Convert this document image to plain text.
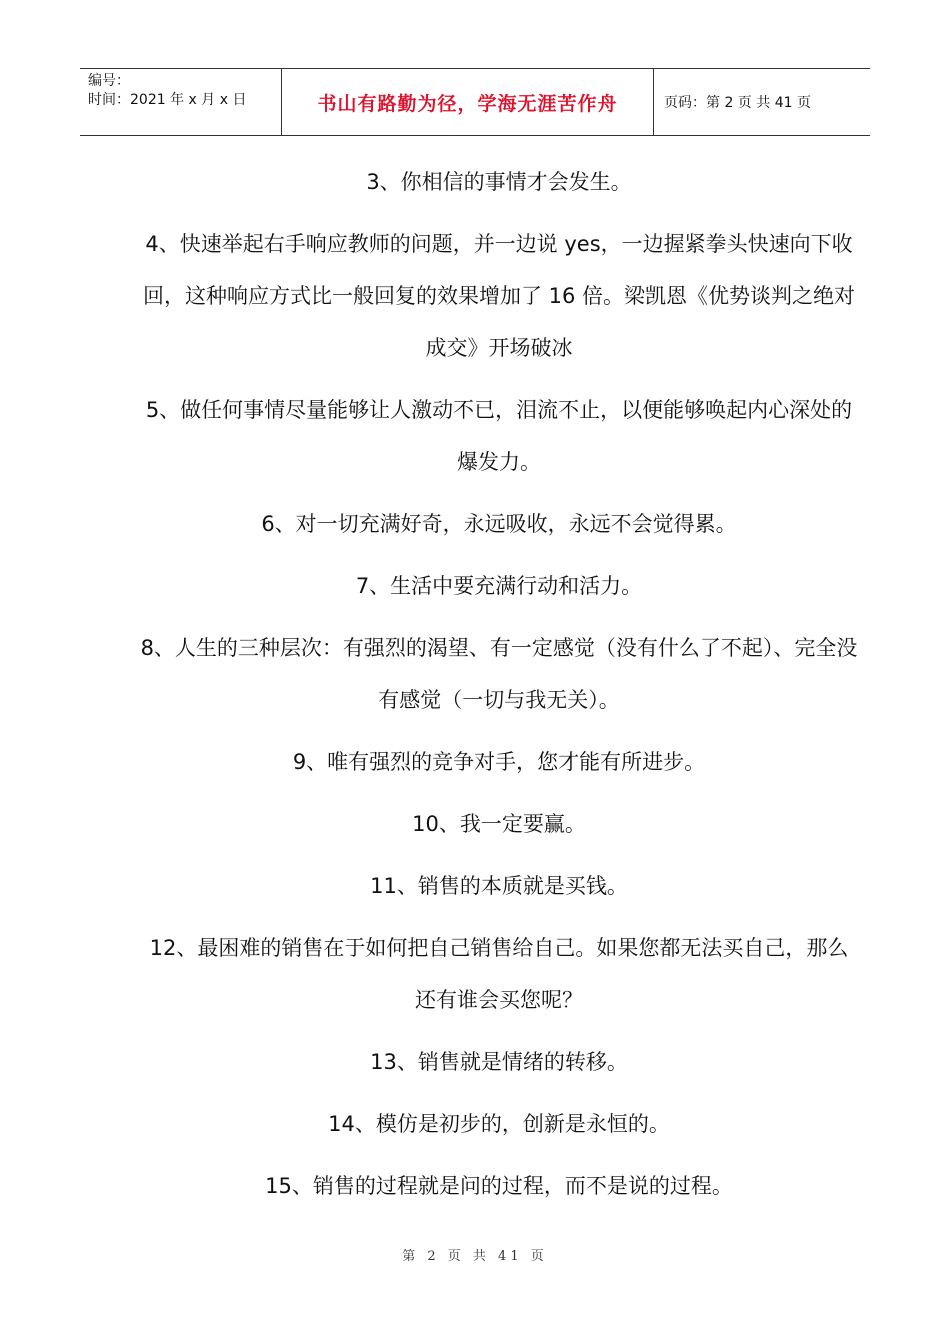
编号：
时间：2021 年 x 月 x 日	书山有路勤为径，学海无涯苦作舟	页码：第 2 页 共 41 页

3、你相信的事情才会发生。

4、快速举起右手响应教师的问题，并一边说 yes，一边握紧拳头快速向下收回，这种响应方式比一般回复的效果增加了 16 倍。梁凯恩《优势谈判之绝对成交》开场破冰

5、做任何事情尽量能够让人激动不已，泪流不止，以便能够唤起内心深处的爆发力。

6、对一切充满好奇，永远吸收，永远不会觉得累。

7、生活中要充满行动和活力。

8、人生的三种层次：有强烈的渴望、有一定感觉（没有什么了不起）、完全没有感觉（一切与我无关）。

9、唯有强烈的竞争对手，您才能有所进步。

10、我一定要赢。

11、销售的本质就是买钱。

12、最困难的销售在于如何把自己销售给自己。如果您都无法买自己，那么还有谁会买您呢？

13、销售就是情绪的转移。

14、模仿是初步的，创新是永恒的。

15、销售的过程就是问的过程，而不是说的过程。

第 2 页 共 41 页
